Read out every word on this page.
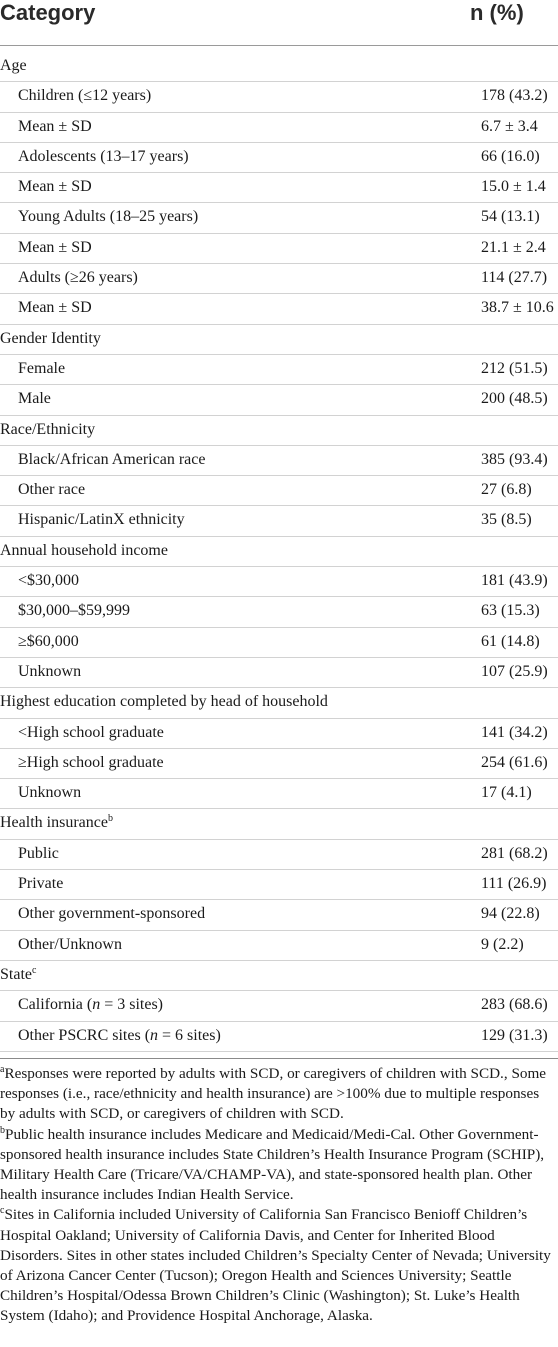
Category	n (%)
Age
Children (≤12 years)	178 (43.2)
Mean ± SD	6.7 ± 3.4
Adolescents (13–17 years)	66 (16.0)
Mean ± SD	15.0 ± 1.4
Young Adults (18–25 years)	54 (13.1)
Mean ± SD	21.1 ± 2.4
Adults (≥26 years)	114 (27.7)
Mean ± SD	38.7 ± 10.6
Gender Identity
Female	212 (51.5)
Male	200 (48.5)
Race/Ethnicity
Black/African American race	385 (93.4)
Other race	27 (6.8)
Hispanic/LatinX ethnicity	35 (8.5)
Annual household income
<$30,000	181 (43.9)
$30,000–$59,999	63 (15.3)
≥$60,000	61 (14.8)
Unknown	107 (25.9)
Highest education completed by head of household
<High school graduate	141 (34.2)
≥High school graduate	254 (61.6)
Unknown	17 (4.1)
Health insurance$^b$
Public	281 (68.2)
Private	111 (26.9)
Other government-sponsored	94 (22.8)
Other/Unknown	9 (2.2)
State$^c$
California (n = 3 sites)	283 (68.6)
Other PSCRC sites (n = 6 sites)	129 (31.3)
$^a$Responses were reported by adults with SCD, or caregivers of children with SCD., Some responses (i.e., race/ethnicity and health insurance) are >100% due to multiple responses by adults with SCD, or caregivers of children with SCD.
$^b$Public health insurance includes Medicare and Medicaid/Medi-Cal. Other Government-sponsored health insurance includes State Children’s Health Insurance Program (SCHIP), Military Health Care (Tricare/VA/CHAMP-VA), and state-sponsored health plan. Other health insurance includes Indian Health Service.
$^c$Sites in California included University of California San Francisco Benioff Children’s Hospital Oakland; University of California Davis, and Center for Inherited Blood Disorders. Sites in other states included Children’s Specialty Center of Nevada; University of Arizona Cancer Center (Tucson); Oregon Health and Sciences University; Seattle Children’s Hospital/Odessa Brown Children’s Clinic (Washington); St. Luke’s Health System (Idaho); and Providence Hospital Anchorage, Alaska.
